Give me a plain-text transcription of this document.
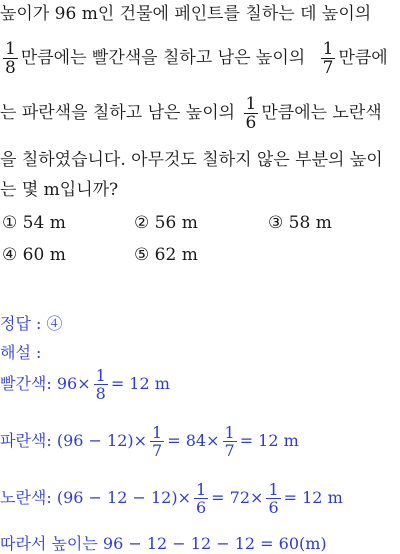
높이가 96 m인 건물에 페인트를 칠하는 데 높이의
$\frac{1}{8}$ 만큼에는 빨간색을 칠하고 남은 높이의 $\frac{1}{7}$ 만큼에
는 파란색을 칠하고 남은 높이의 $\frac{1}{6}$ 만큼에는 노란색
을 칠하였습니다. 아무것도 칠하지 않은 부분의 높이
는 몇 m입니까?
① 54 m	② 56 m	③ 58 m
④ 60 m	⑤ 62 m
정답 : ④
해설 :
빨간색: $96\times \frac{1}{8} = 12$ m
파란색: $(96 - 12)\times \frac{1}{7} = 84\times \frac{1}{7} = 12$ m
노란색: $(96 - 12 - 12)\times \frac{1}{6} = 72\times \frac{1}{6} = 12$ m
따라서 높이는 96 − 12 − 12 − 12 = 60(m)
